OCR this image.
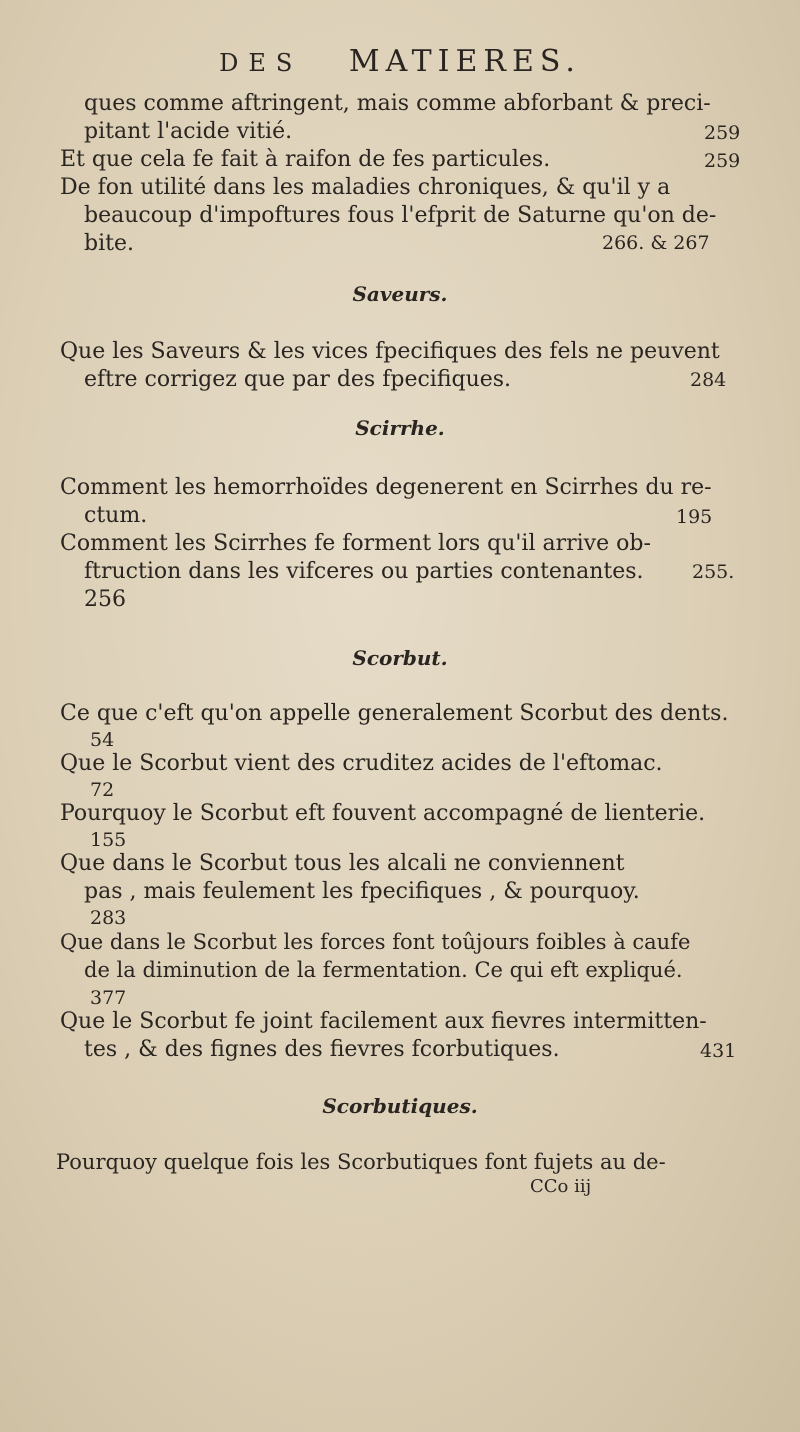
DES MATIERES.
ques comme aftringent, mais comme abforbant & preci-
pitant l'acide vitié.	259
Et que cela fe fait à raifon de fes particules.	259
De fon utilité dans les maladies chroniques, & qu'il y a
beaucoup d'impoftures fous l'efprit de Saturne qu'on de-
bite.	266. & 267
Saveurs.
Que les Saveurs & les vices fpecifiques des fels ne peuvent
eftre corrigez que par des fpecifiques.	284
Scirrhe.
Comment les hemorrhoïdes degenerent en Scirrhes du re-
ctum.	195
Comment les Scirrhes fe forment lors qu'il arrive ob-
ftruction dans les vifceres ou parties contenantes.	255.
256
Scorbut.
Ce que c'eft qu'on appelle generalement Scorbut des dents.
54
Que le Scorbut vient des cruditez acides de l'eftomac.
72
Pourquoy le Scorbut eft fouvent accompagné de lienterie.
155
Que dans le Scorbut tous les alcali ne conviennent
pas , mais feulement les fpecifiques , & pourquoy.
283
Que dans le Scorbut les forces font toûjours foibles à caufe
de la diminution de la fermentation. Ce qui eft expliqué.
377
Que le Scorbut fe joint facilement aux fievres intermitten-
tes , & des fignes des fievres fcorbutiques.	431
Scorbutiques.
Pourquoy quelque fois les Scorbutiques font fujets au de-
CCo iij
